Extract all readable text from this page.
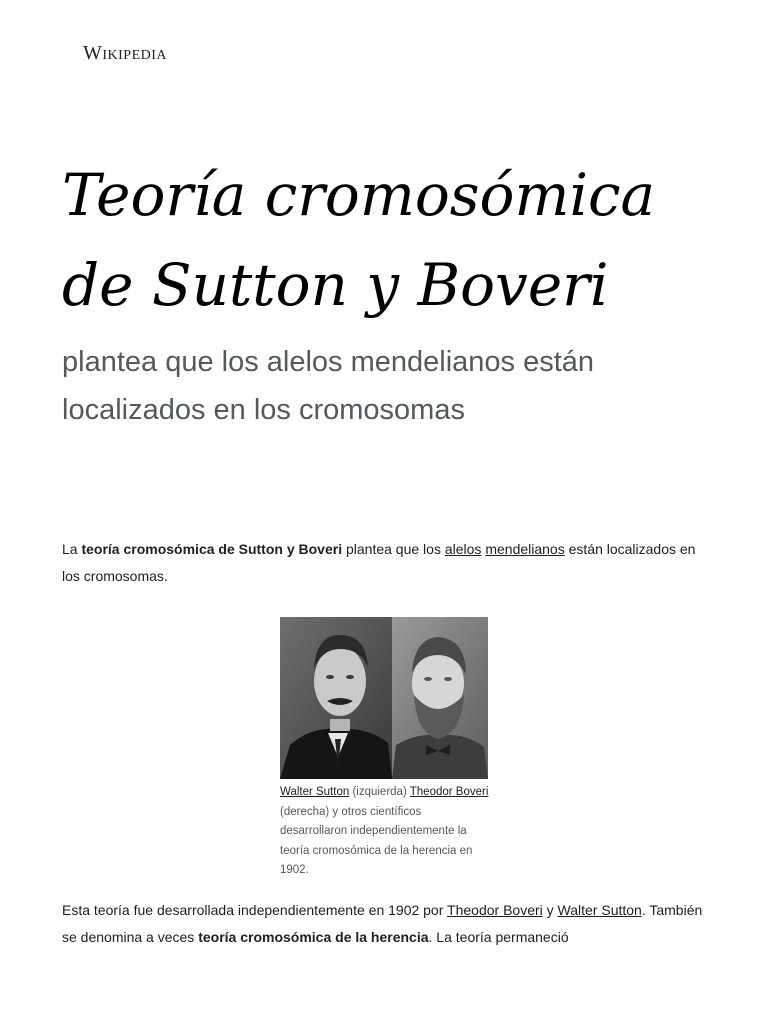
Wikipedia
Teoría cromosómica
de Sutton y Boveri

plantea que los alelos mendelianos están localizados en los cromosomas

La teoría cromosómica de Sutton y Boveri plantea que los alelos mendelianos están localizados en los cromosomas.

Walter Sutton (izquierda) Theodor Boveri (derecha) y otros científicos desarrollaron independientemente la teoría cromosómica de la herencia en 1902.

Esta teoría fue desarrollada independientemente en 1902 por Theodor Boveri y Walter Sutton. También se denomina a veces teoría cromosómica de la herencia. La teoría permaneció
